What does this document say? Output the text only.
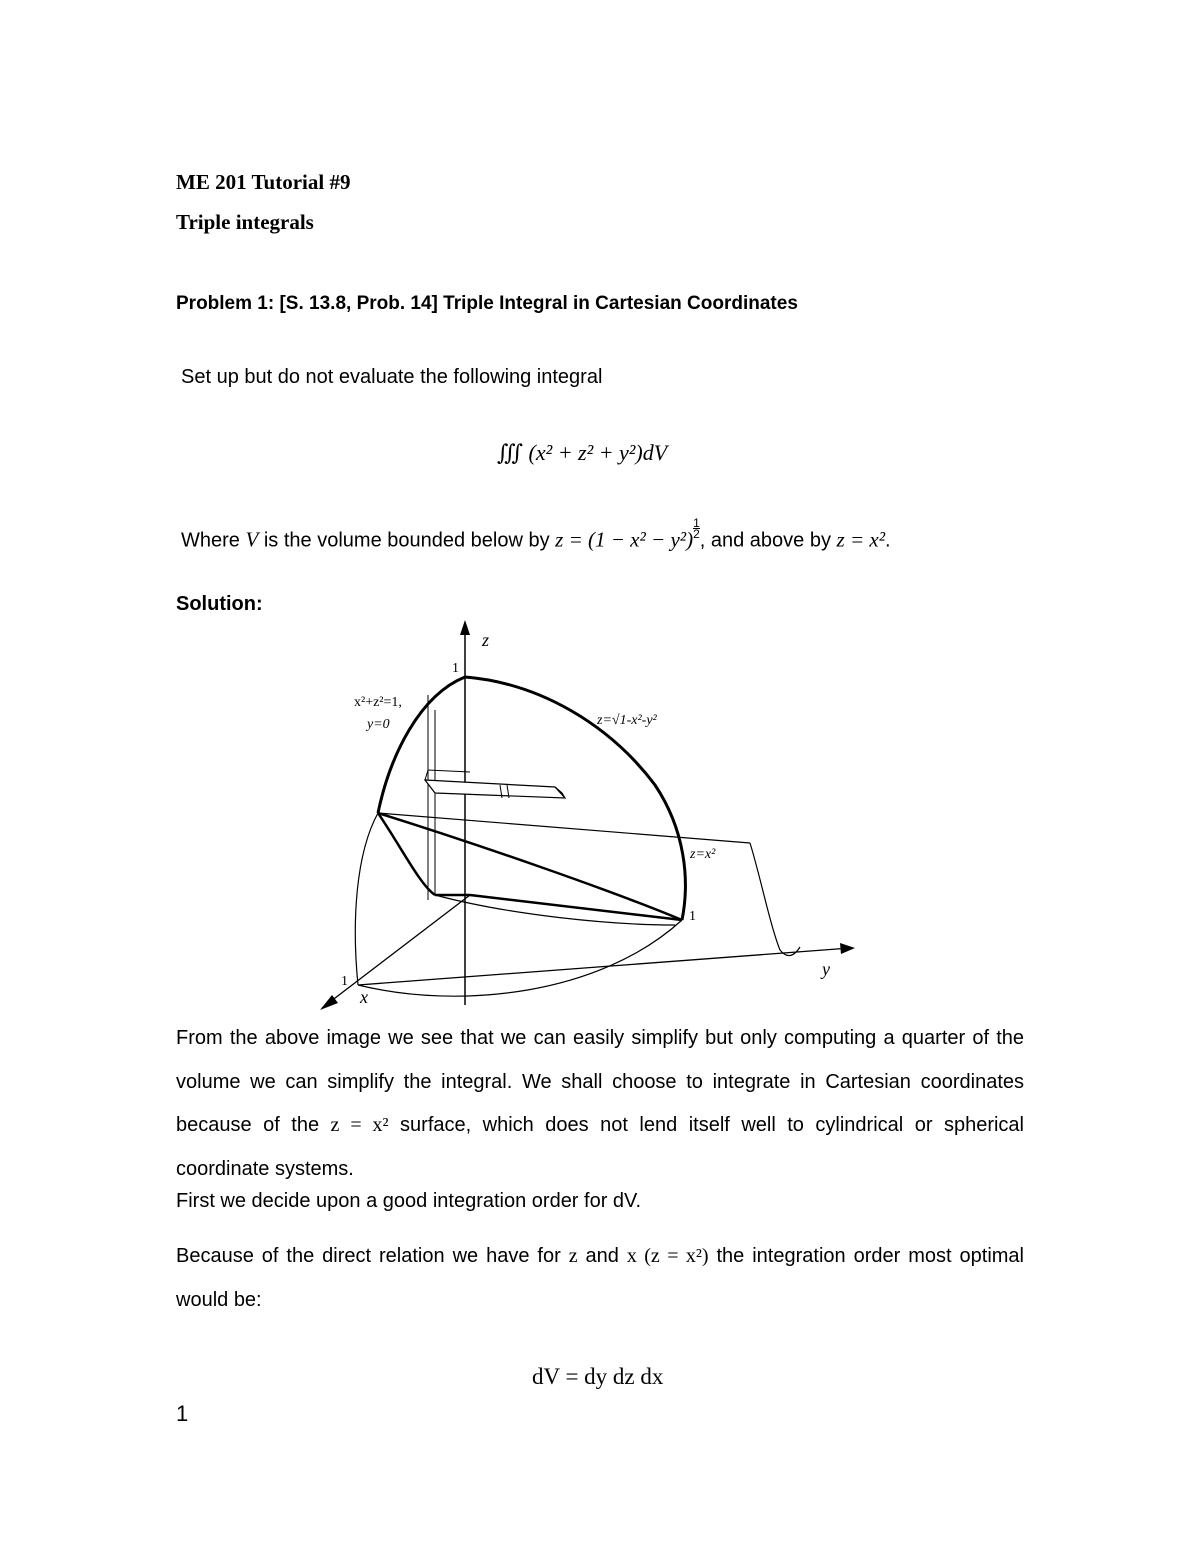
ME 201 Tutorial #9
Triple integrals
Problem 1: [S. 13.8, Prob. 14] Triple Integral in Cartesian Coordinates
Set up but do not evaluate the following integral
∭ (x² + z² + y²)dV
Where V is the volume bounded below by $z = (1 - x^2 - y^2) \frac{1}{2}$
, and above by z = x².
Solution:
z
y
x
1
1
1
x²+z²=1,
y=0	z=√1-x²-y²
z=x²
From the above image we see that we can easily simplify but only computing a quarter of the volume we can simplify the integral. We shall choose to integrate in Cartesian coordinates because of the z = x² surface, which does not lend itself well to cylindrical or spherical coordinate systems.
First we decide upon a good integration order for dV.
Because of the direct relation we have for z and x (z = x²) the integration order most optimal would be:
dV = dy dz dx
1
